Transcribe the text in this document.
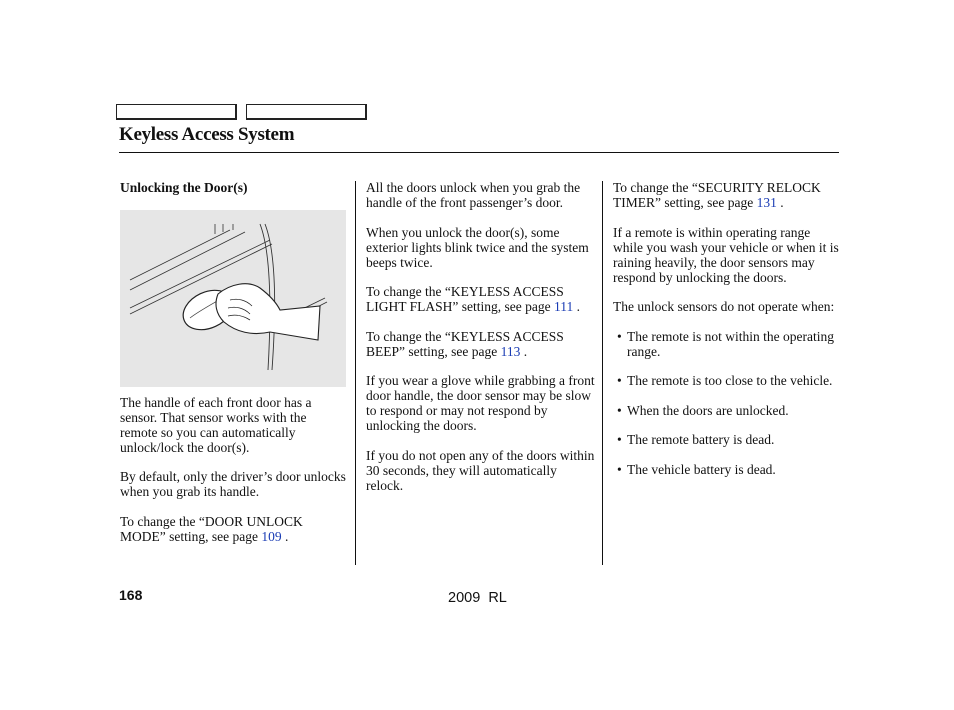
Keyless Access System

Unlocking the Door(s)

The handle of each front door has a sensor. That sensor works with the remote so you can automatically unlock/lock the door(s).

By default, only the driver’s door unlocks when you grab its handle.

To change the “DOOR UNLOCK MODE” setting, see page 109 .

All the doors unlock when you grab the handle of the front passenger’s door.

When you unlock the door(s), some exterior lights blink twice and the system beeps twice.

To change the “KEYLESS ACCESS LIGHT FLASH” setting, see page 111 .

To change the “KEYLESS ACCESS BEEP” setting, see page 113 .

If you wear a glove while grabbing a front door handle, the door sensor may be slow to respond or may not respond by unlocking the doors.

If you do not open any of the doors within 30 seconds, they will automatically relock.

To change the “SECURITY RELOCK TIMER” setting, see page 131 .

If a remote is within operating range while you wash your vehicle or when it is raining heavily, the door sensors may respond by unlocking the doors.

The unlock sensors do not operate when:

• The remote is not within the operating range.
• The remote is too close to the vehicle.
• When the doors are unlocked.
• The remote battery is dead.
• The vehicle battery is dead.
168	2009  RL
